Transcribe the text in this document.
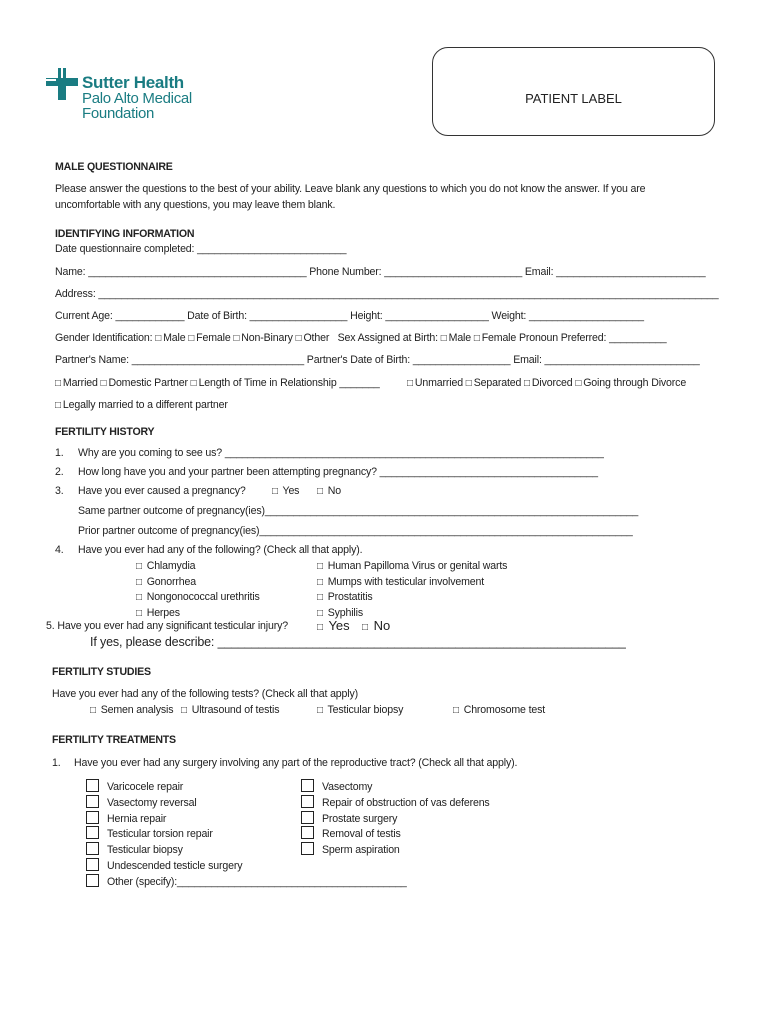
Sutter Health
Palo Alto Medical
Foundation
PATIENT LABEL
MALE QUESTIONNAIRE
Please answer the questions to the best of your ability. Leave blank any questions to which you do not know the answer. If you are
uncomfortable with any questions, you may leave them blank.
IDENTIFYING INFORMATION
Date questionnaire completed: __________________________
Name: ______________________________________ Phone Number: ________________________ Email: __________________________
Address: ____________________________________________________________________________________________________________
Current Age: ____________ Date of Birth: _________________ Height: __________________ Weight: ____________________
Gender Identification: □ Male □ Female □ Non-Binary □ Other Sex Assigned at Birth: □ Male □ Female Pronoun Preferred: __________
Partner's Name: ______________________________ Partner's Date of Birth: _________________ Email: ___________________________
□ Married □ Domestic Partner □ Length of Time in Relationship _______	□ Unmarried □ Separated □ Divorced □ Going through Divorce
□ Legally married to a different partner
FERTILITY HISTORY
1. Why are you coming to see us? __________________________________________________________________
2. How long have you and your partner been attempting pregnancy? ______________________________________
3. Have you ever caused a pregnancy?	□ Yes □ No
Same partner outcome of pregnancy(ies)_________________________________________________________________
Prior partner outcome of pregnancy(ies)_________________________________________________________________
4. Have you ever had any of the following? (Check all that apply).
□ Chlamydia
□ Gonorrhea
□ Nongonococcal urethritis
□ Herpes
□ Human Papilloma Virus or genital warts
□ Mumps with testicular involvement
□ Prostatitis
□ Syphilis
5. Have you ever had any significant testicular injury?	□ Yes □ No
If yes, please describe: ____________________________________________________________
FERTILITY STUDIES
Have you ever had any of the following tests? (Check all that apply)
□ Semen analysis □ Ultrasound of testis	□ Testicular biopsy	□ Chromosome test
FERTILITY TREATMENTS
1. Have you ever had any surgery involving any part of the reproductive tract? (Check all that apply).
Varicocele repair
Vasectomy reversal
Hernia repair
Testicular torsion repair
Testicular biopsy
Undescended testicle surgery
Other (specify):________________________________________
Vasectomy
Repair of obstruction of vas deferens
Prostate surgery
Removal of testis
Sperm aspiration
